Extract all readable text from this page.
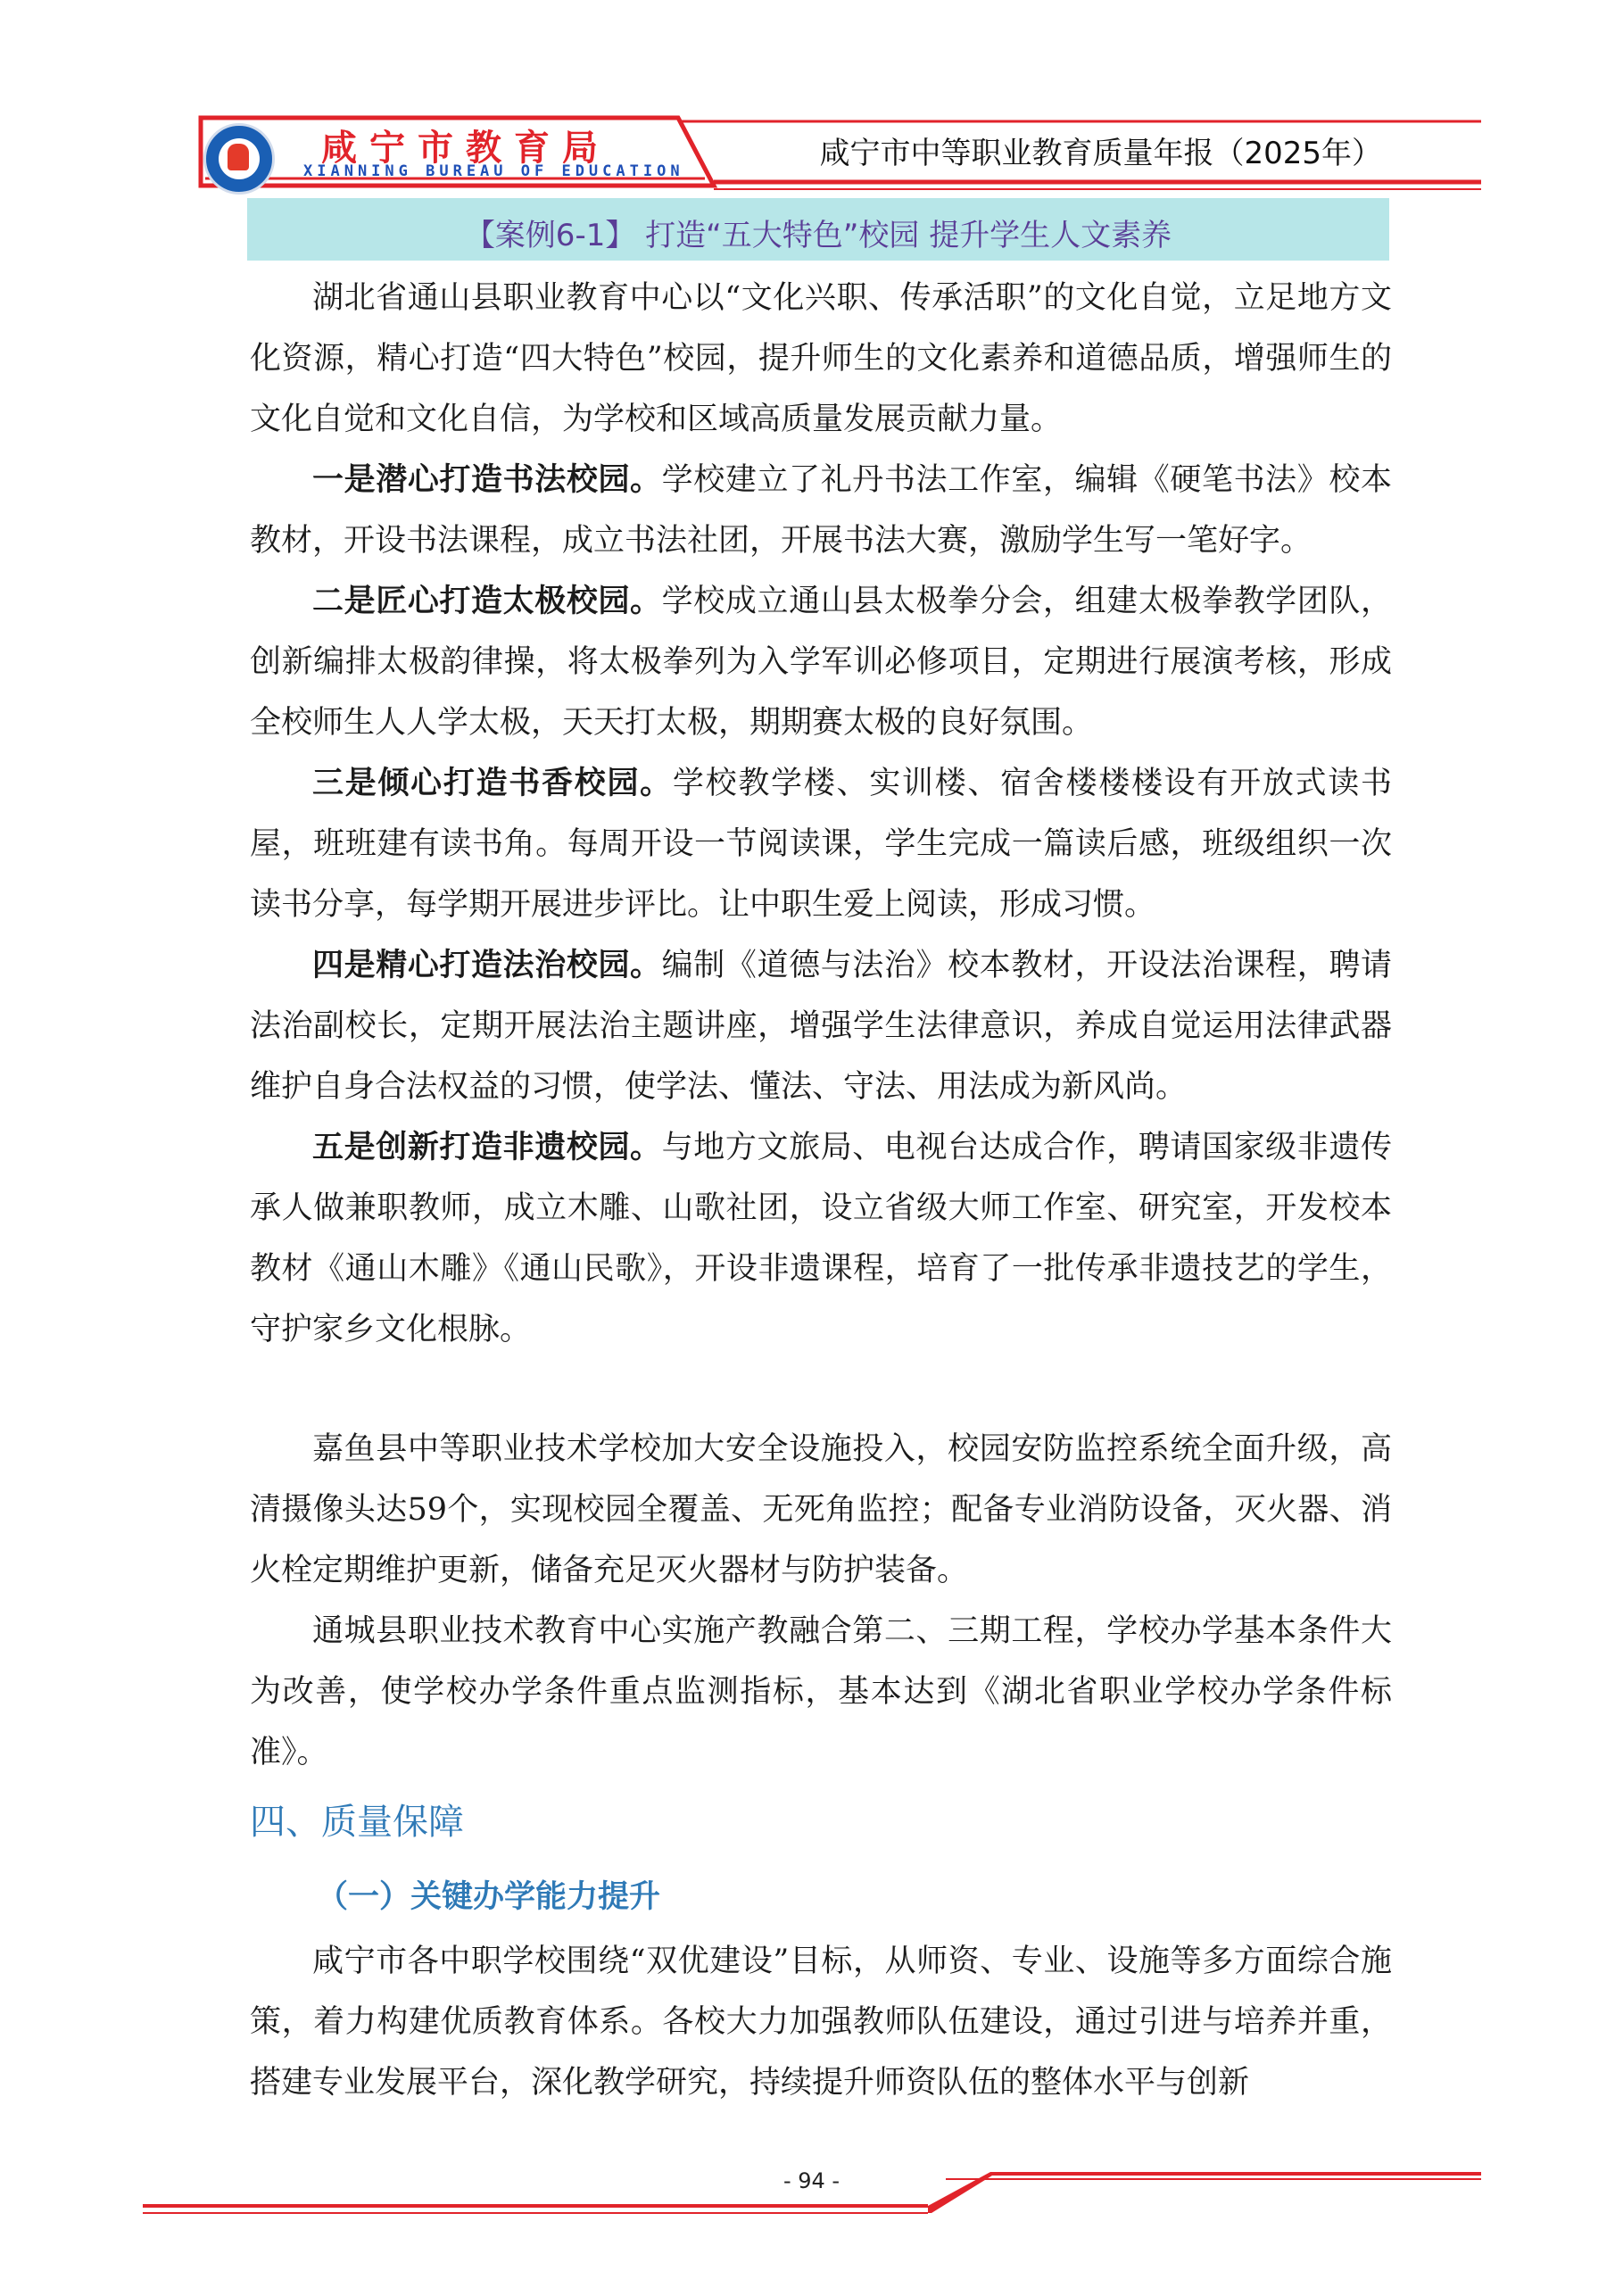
咸宁市教育局
XIANNING BUREAU OF EDUCATION	咸宁市中等职业教育质量年报（2025年）
【案例6-1】 打造“五大特色”校园 提升学生人文素养

湖北省通山县职业教育中心以“文化兴职、传承活职”的文化自觉，立足地方文化资源，精心打造“四大特色”校园，提升师生的文化素养和道德品质，增强师生的文化自觉和文化自信，为学校和区域高质量发展贡献力量。

一是潜心打造书法校园。学校建立了礼丹书法工作室，编辑《硬笔书法》校本教材，开设书法课程，成立书法社团，开展书法大赛，激励学生写一笔好字。

二是匠心打造太极校园。学校成立通山县太极拳分会，组建太极拳教学团队，创新编排太极韵律操，将太极拳列为入学军训必修项目，定期进行展演考核，形成全校师生人人学太极，天天打太极，期期赛太极的良好氛围。

三是倾心打造书香校园。学校教学楼、实训楼、宿舍楼楼楼设有开放式读书屋，班班建有读书角。每周开设一节阅读课，学生完成一篇读后感，班级组织一次读书分享，每学期开展进步评比。让中职生爱上阅读，形成习惯。

四是精心打造法治校园。编制《道德与法治》校本教材，开设法治课程，聘请法治副校长，定期开展法治主题讲座，增强学生法律意识，养成自觉运用法律武器维护自身合法权益的习惯，使学法、懂法、守法、用法成为新风尚。

五是创新打造非遗校园。与地方文旅局、电视台达成合作，聘请国家级非遗传承人做兼职教师，成立木雕、山歌社团，设立省级大师工作室、研究室，开发校本教材《通山木雕》《通山民歌》，开设非遗课程，培育了一批传承非遗技艺的学生，守护家乡文化根脉。

嘉鱼县中等职业技术学校加大安全设施投入，校园安防监控系统全面升级，高清摄像头达59个，实现校园全覆盖、无死角监控；配备专业消防设备，灭火器、消火栓定期维护更新，储备充足灭火器材与防护装备。

通城县职业技术教育中心实施产教融合第二、三期工程，学校办学基本条件大为改善，使学校办学条件重点监测指标，基本达到《湖北省职业学校办学条件标准》。

四、质量保障
（一）关键办学能力提升

咸宁市各中职学校围绕“双优建设”目标，从师资、专业、设施等多方面综合施策，着力构建优质教育体系。各校大力加强教师队伍建设，通过引进与培养并重，搭建专业发展平台，深化教学研究，持续提升师资队伍的整体水平与创新

- 94 -
